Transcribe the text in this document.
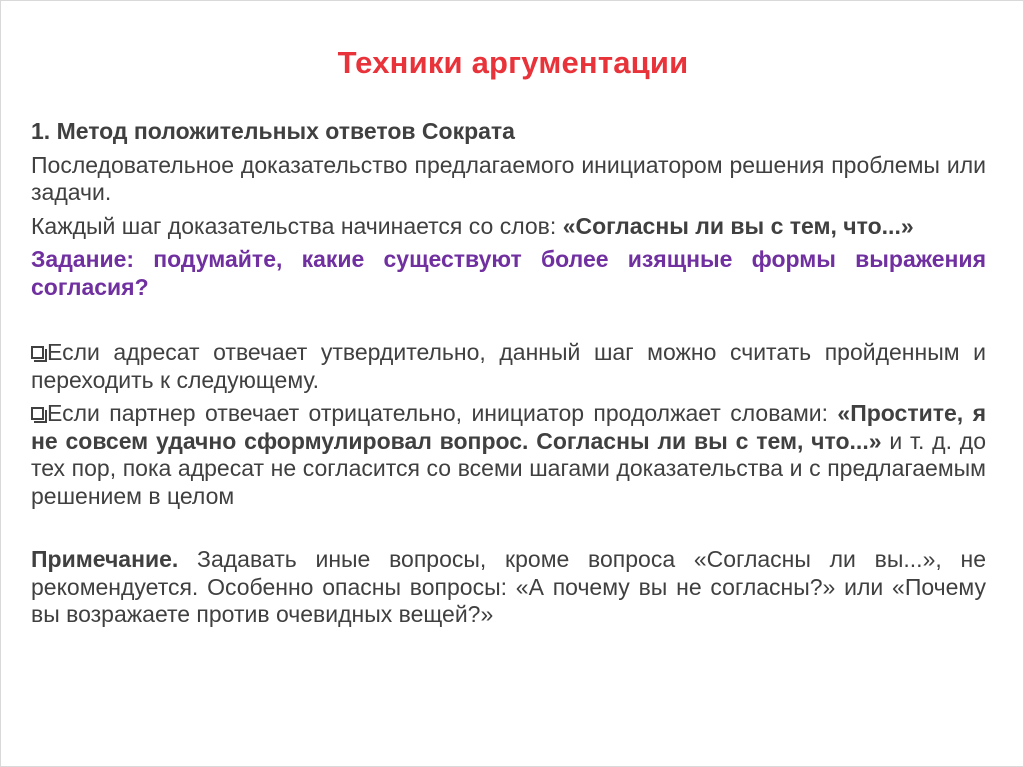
Техники аргументации

1. Метод положительных ответов Сократа

Последовательное доказательство предлагаемого инициатором решения проблемы или задачи.

Каждый шаг доказательства начинается со слов: «Согласны ли вы с тем, что...»

Задание: подумайте, какие существуют более изящные формы выражения согласия?

Если адресат отвечает утвердительно, данный шаг можно считать пройденным и переходить к следующему.

Если партнер отвечает отрицательно, инициатор продолжает словами: «Простите, я не совсем удачно сформулировал вопрос. Согласны ли вы с тем, что...» и т. д. до тех пор, пока адресат не согласится со всеми шагами доказательства и с предлагаемым решением в целом

Примечание. Задавать иные вопросы, кроме вопроса «Согласны ли вы...», не рекомендуется. Особенно опасны вопросы: «А почему вы не согласны?» или «Почему вы возражаете против очевидных вещей?»
